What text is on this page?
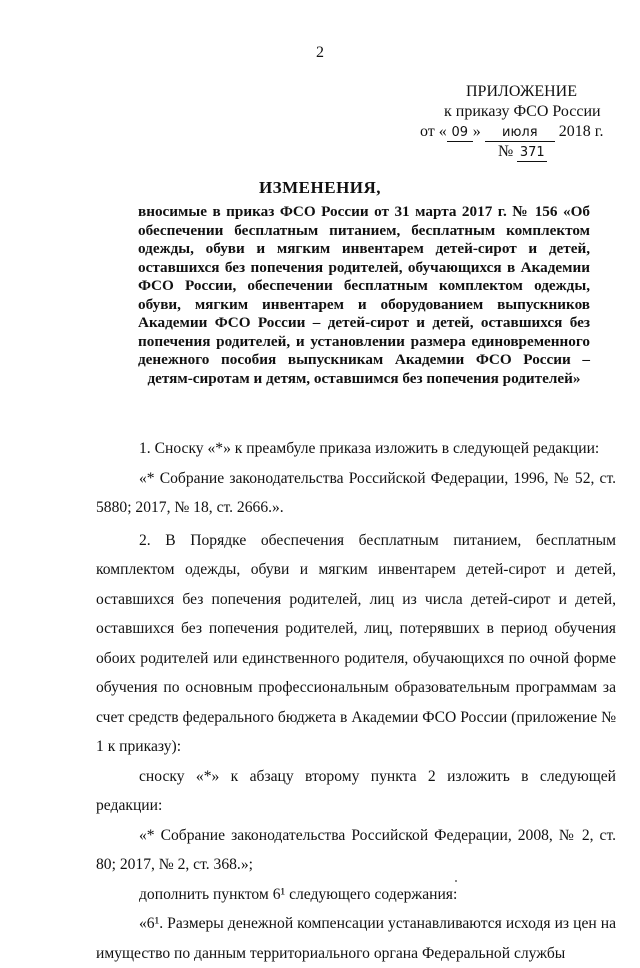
2
ПРИЛОЖЕНИЕ
к приказу ФСО России
от « 09 » июля 2018 г.
№ 371
ИЗМЕНЕНИЯ,
вносимые в приказ ФСО России от 31 марта 2017 г. № 156 «Об обеспечении бесплатным питанием, бесплатным комплектом одежды, обуви и мягким инвентарем детей-сирот и детей, оставшихся без попечения родителей, обучающихся в Академии ФСО России, обеспечении бесплатным комплектом одежды, обуви, мягким инвентарем и оборудованием выпускников Академии ФСО России – детей-сирот и детей, оставшихся без попечения родителей, и установлении размера единовременного денежного пособия выпускникам Академии ФСО России – детям-сиротам и детям, оставшимся без попечения родителей»

1. Сноску «*» к преамбуле приказа изложить в следующей редакции:

«* Собрание законодательства Российской Федерации, 1996, № 52, ст. 5880; 2017, № 18, ст. 2666.».

2. В Порядке обеспечения бесплатным питанием, бесплатным комплектом одежды, обуви и мягким инвентарем детей-сирот и детей, оставшихся без попечения родителей, лиц из числа детей-сирот и детей, оставшихся без попечения родителей, лиц, потерявших в период обучения обоих родителей или единственного родителя, обучающихся по очной форме обучения по основным профессиональным образовательным программам за счет средств федерального бюджета в Академии ФСО России (приложение № 1 к приказу):

сноску «*» к абзацу второму пункта 2 изложить в следующей редакции:

«* Собрание законодательства Российской Федерации, 2008, № 2, ст. 80; 2017, № 2, ст. 368.»;

дополнить пунктом 6¹ следующего содержания:

«6¹. Размеры денежной компенсации устанавливаются исходя из цен на имущество по данным территориального органа Федеральной службы
